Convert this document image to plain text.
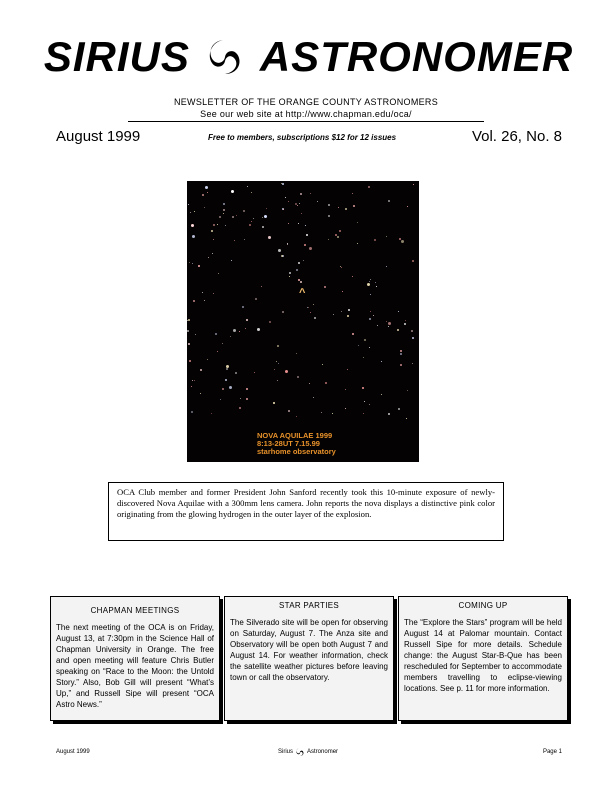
SIRIUS ASTRONOMER
NEWSLETTER OF THE ORANGE COUNTY ASTRONOMERS
See our web site at http://www.chapman.edu/oca/
August 1999	Free to members, subscriptions $12 for 12 issues	Vol. 26, No. 8
^
NOVA AQUILAE 1999
8:13-28UT 7.15.99
starhome observatory
OCA Club member and former President John Sanford recently took this 10-minute exposure of newly-discovered Nova Aquilae with a 300mm lens camera. John reports the nova displays a distinctive pink color originating from the glowing hydrogen in the outer layer of the explosion.
CHAPMAN MEETINGS

The next meeting of the OCA is on Friday, August 13, at 7:30pm in the Science Hall of Chapman University in Orange. The free and open meeting will feature Chris Butler speaking on “Race to the Moon: the Untold Story.” Also, Bob Gill will present “What’s Up,” and Russell Sipe will present “OCA Astro News.”

STAR PARTIES

The Silverado site will be open for observing on Saturday, August 7. The Anza site and Observatory will be open both August 7 and August 14. For weather information, check the satellite weather pictures before leaving town or call the observatory.

COMING UP

The “Explore the Stars” program will be held August 14 at Palomar mountain. Contact Russell Sipe for more details. Schedule change: the August Star-B-Que has been rescheduled for September to accommodate members travelling to eclipse-viewing locations. See p. 11 for more information.

August 1999	Sirius Astronomer	Page 1
